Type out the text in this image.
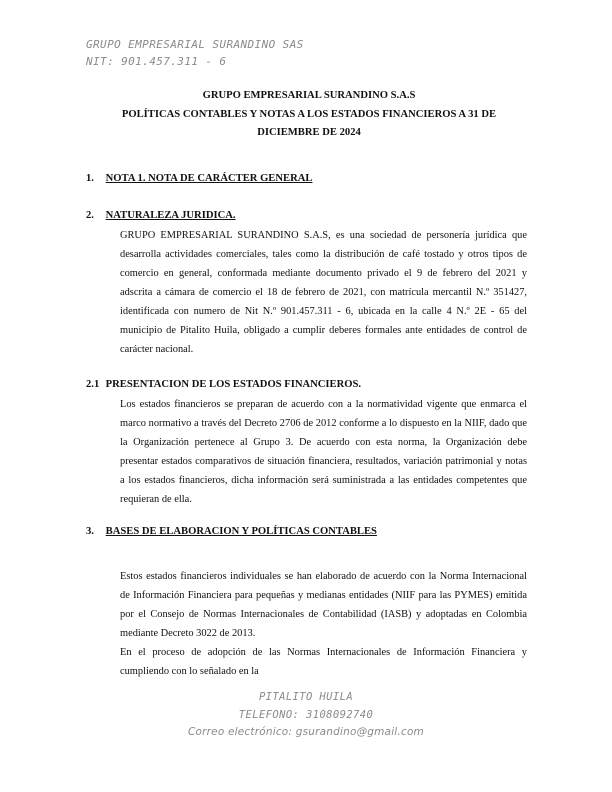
GRUPO EMPRESARIAL SURANDINO SAS
NIT: 901.457.311 - 6
GRUPO EMPRESARIAL SURANDINO S.A.S
POLÍTICAS CONTABLES Y NOTAS A LOS ESTADOS FINANCIEROS A 31 DE
DICIEMBRE DE 2024
1. NOTA 1. NOTA DE CARÁCTER GENERAL
2. NATURALEZA JURIDICA.
GRUPO EMPRESARIAL SURANDINO S.A.S, es una sociedad de personería jurídica que desarrolla actividades comerciales, tales como la distribución de café tostado y otros tipos de comercio en general, conformada mediante documento privado el 9 de febrero del 2021 y adscrita a cámara de comercio el 18 de febrero de 2021, con matrícula mercantil N.º 351427, identificada con numero de Nit N.º 901.457.311 - 6, ubicada en la calle 4 N.º 2E - 65 del municipio de Pitalito Huila, obligado a cumplir deberes formales ante entidades de control de carácter nacional.
2.1 PRESENTACION DE LOS ESTADOS FINANCIEROS.
Los estados financieros se preparan de acuerdo con a la normatividad vigente que enmarca el marco normativo a través del Decreto 2706 de 2012 conforme a lo dispuesto en la NIIF, dado que la Organización pertenece al Grupo 3. De acuerdo con esta norma, la Organización debe presentar estados comparativos de situación financiera, resultados, variación patrimonial y notas a los estados financieros, dicha información será suministrada a las entidades competentes que requieran de ella.
3. BASES DE ELABORACION Y POLÍTICAS CONTABLES
Estos estados financieros individuales se han elaborado de acuerdo con la Norma Internacional de Información Financiera para pequeñas y medianas entidades (NIIF para las PYMES) emitida por el Consejo de Normas Internacionales de Contabilidad (IASB) y adoptadas en Colombia mediante Decreto 3022 de 2013.
En el proceso de adopción de las Normas Internacionales de Información Financiera y cumpliendo con lo señalado en la
PITALITO HUILA
TELEFONO: 3108092740
Correo electrónico: gsurandino@gmail.com
